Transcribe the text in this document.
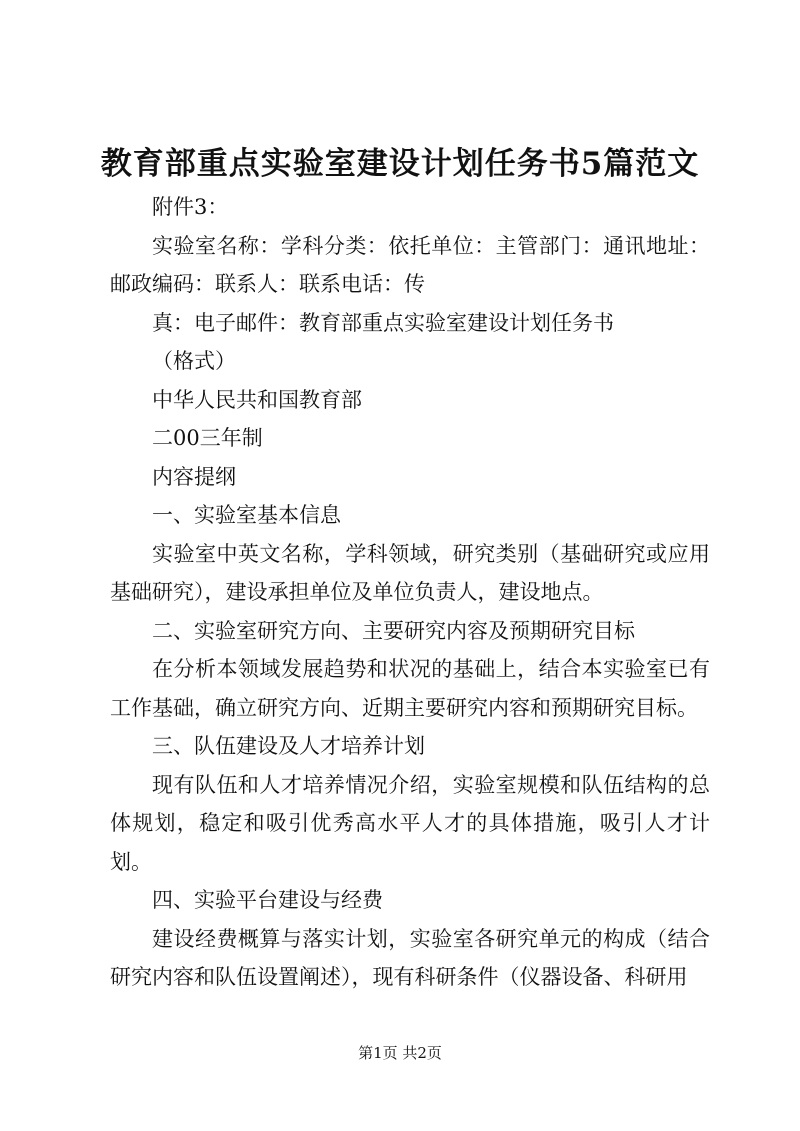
教育部重点实验室建设计划任务书5篇范文

附件3：

实验室名称：学科分类：依托单位：主管部门：通讯地址：邮政编码：联系人：联系电话：传

真：电子邮件：教育部重点实验室建设计划任务书

（格式）

中华人民共和国教育部

二00三年制

内容提纲

一、实验室基本信息

实验室中英文名称，学科领域，研究类别（基础研究或应用基础研究），建设承担单位及单位负责人，建设地点。

二、实验室研究方向、主要研究内容及预期研究目标

在分析本领域发展趋势和状况的基础上，结合本实验室已有工作基础，确立研究方向、近期主要研究内容和预期研究目标。

三、队伍建设及人才培养计划

现有队伍和人才培养情况介绍，实验室规模和队伍结构的总体规划，稳定和吸引优秀高水平人才的具体措施，吸引人才计划。

四、实验平台建设与经费

建设经费概算与落实计划，实验室各研究单元的构成（结合研究内容和队伍设置阐述），现有科研条件（仪器设备、科研用

第1页 共2页
